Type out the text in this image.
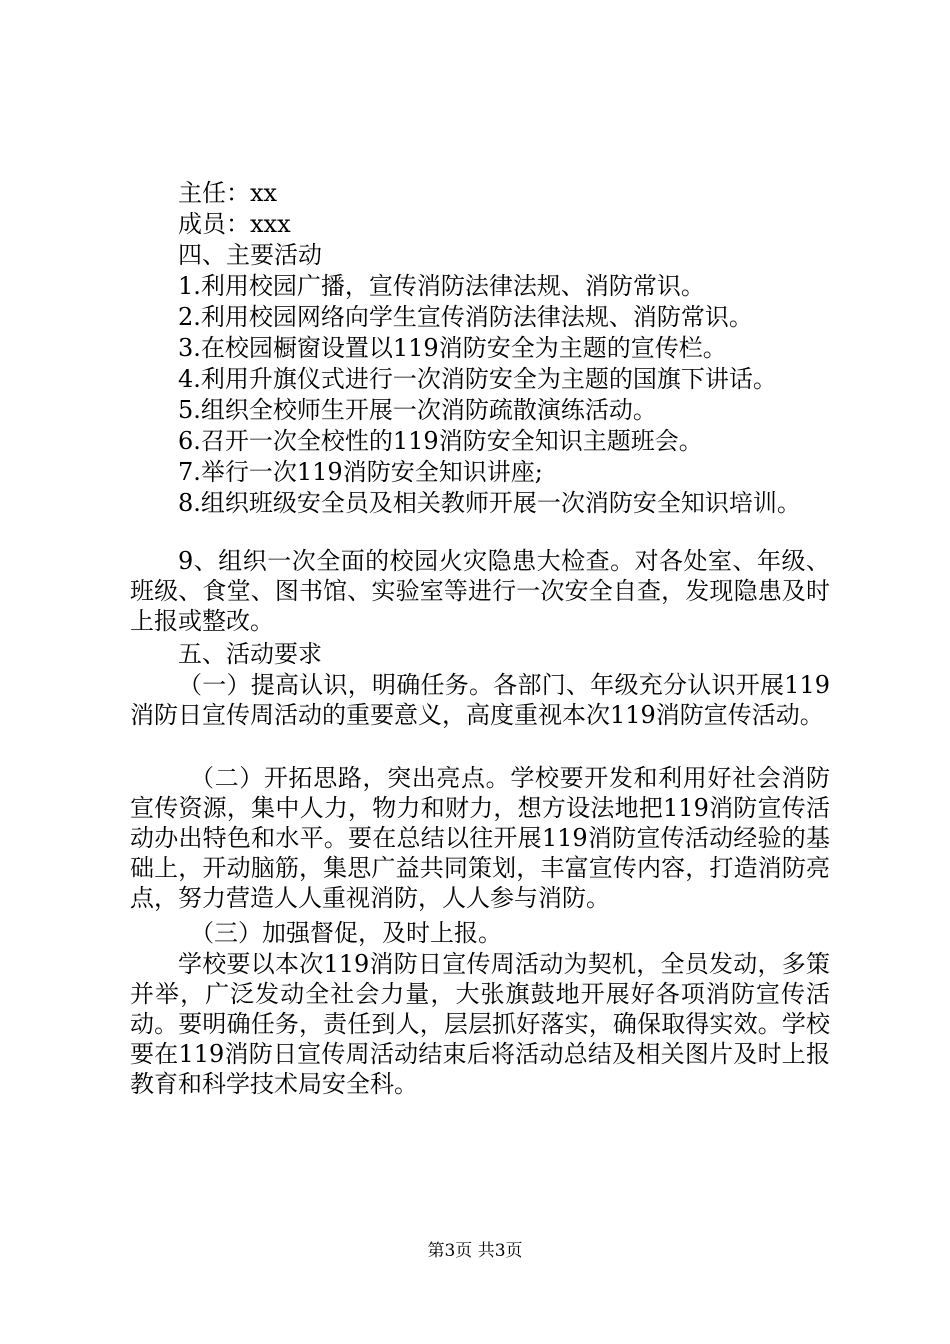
主任：xx
成员：xxx
四、主要活动
1.利用校园广播，宣传消防法律法规、消防常识。
2.利用校园网络向学生宣传消防法律法规、消防常识。
3.在校园橱窗设置以119消防安全为主题的宣传栏。
4.利用升旗仪式进行一次消防安全为主题的国旗下讲话。
5.组织全校师生开展一次消防疏散演练活动。
6.召开一次全校性的119消防安全知识主题班会。
7.举行一次119消防安全知识讲座;
8.组织班级安全员及相关教师开展一次消防安全知识培训。
9、组织一次全面的校园火灾隐患大检查。对各处室、年级、班级、食堂、图书馆、实验室等进行一次安全自查，发现隐患及时上报或整改。
五、活动要求
（一）提高认识，明确任务。各部门、年级充分认识开展119消防日宣传周活动的重要意义，高度重视本次119消防宣传活动。
（二）开拓思路，突出亮点。学校要开发和利用好社会消防宣传资源，集中人力，物力和财力，想方设法地把119消防宣传活动办出特色和水平。要在总结以往开展119消防宣传活动经验的基础上，开动脑筋，集思广益共同策划，丰富宣传内容，打造消防亮点，努力营造人人重视消防，人人参与消防。
（三）加强督促，及时上报。
学校要以本次119消防日宣传周活动为契机，全员发动，多策并举，广泛发动全社会力量，大张旗鼓地开展好各项消防宣传活动。要明确任务，责任到人，层层抓好落实，确保取得实效。学校要在119消防日宣传周活动结束后将活动总结及相关图片及时上报教育和科学技术局安全科。
第3页 共3页
